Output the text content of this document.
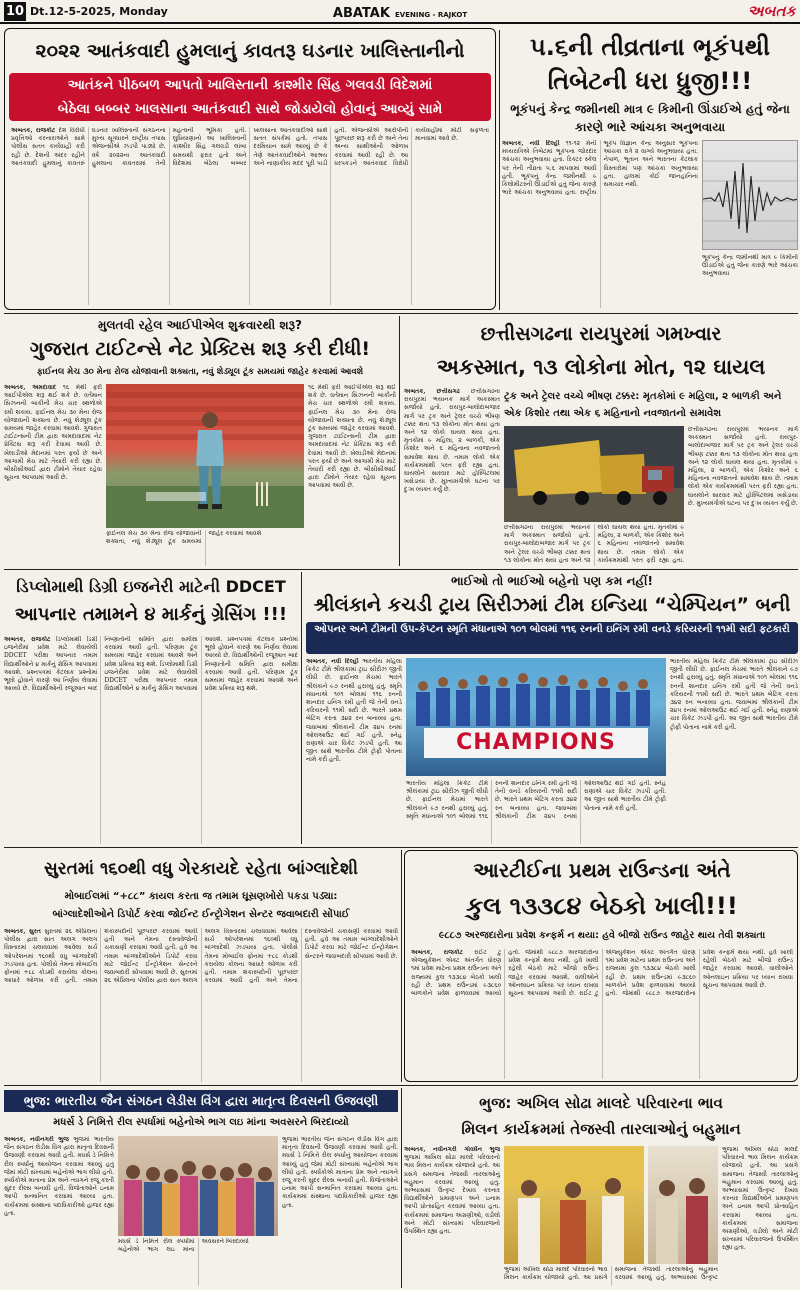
10 Dt.12-5-2025, Monday	ABATAK EVENING - RAJKOT	અબતક
૨૦૨૨ આતંકવાદી હુમલાનું કાવતરૂ ઘડનાર ખાલિસ્તાનીનો
આતંકને પીઠબળ આપતો ખાલિસ્તાની કાશ્મીર સિંહ ગલવડી વિદેશમાં
બેઠેલા બબ્બર ખાલસાના આતંકવાદી સાથે જોડાયેલો હોવાનું આવ્યું સામે
અબતક, રાજકોટ દેશ વિરોધી પ્રવૃત્તિઓ કરનારાઓને સામે પોલીસ સતત કાર્યવાહી કરી રહી છે. દેશની અંદર રહીને આતંકવાદી હુમલાનું કાવતરું ઘડનાર ખાલિસ્તાની સંગઠનના મુખ્ય સૂત્રધારને રાષ્ટ્રીય તપાસ એજન્સીએ ઝડપી પાડ્યો છે. વર્ષ ૨૦૨૨ના આતંકવાદી હુમલાના કાવતરામાં તેની મહત્વની ભૂમિકા હતી. લુધિયાણાનો આ ખાલિસ્તાની કાશ્મીર સિંહ ગલવડી લાંબા સમયથી ફરાર હતો અને વિદેશમાં બેઠેલા બબ્બર ખાલસાના આતંકવાદીઓ સાથે સતત સંપર્કમાં હતો. તપાસ દરમિયાન સામે આવ્યું છે કે તેણે આતંકવાદીઓને આશ્રય અને નાણાકીય મદદ પૂરી પાડી હતી. એજન્સીએ આરોપીની પૂછપરછ શરૂ કરી છે અને તેના અન્ય સાથીઓની ઓળખ કરવામાં આવી રહી છે. આ ધરપકડને આતંકવાદ વિરોધી કાર્યવાહીમાં મોટી સફળતા માનવામાં આવે છે.
૫.૬ની તીવ્રતાના ભૂકંપથી તિબેટની ધરા ધ્રુજી!!!
ભૂકંપનું કેન્દ્ર જમીનથી માત્ર ૯ કિમીની ઊંડાઈએ હતું જેના કારણે ભારે આંચકા અનુભવાયા
અબતક, નવી દિલ્હી ૧૧-૧૨ મેની મધ્યરાત્રિએ તિબેટમાં ભૂકંપના જોરદાર આંચકા અનુભવાયા હતા. રિક્ટર સ્કેલ પર તેની તીવ્રતા ૫.૬ માપવામાં આવી હતી. ભૂકંપનું કેન્દ્ર જમીનથી ૯ કિલોમીટરની ઊંડાઈએ હતું જેના કારણે ભારે આંચકા અનુભવાયા હતા. રાષ્ટ્રીય ભૂકંપ વિજ્ઞાન કેન્દ્ર અનુસાર ભૂકંપના આંચકા રાત્રે ૨ વાગ્યે અનુભવાયા હતા. નેપાળ, ભૂતાન અને ભારતના કેટલાક વિસ્તારોમાં પણ આંચકા અનુભવાયા હતા. હાલમાં કોઈ જાનહાનિના સમાચાર નથી.
ભૂકંપનું કેન્દ્ર જમીનથી માત્ર ૯ કિમીની ઊંડાઈએ હતું જેના કારણે ભારે આંચકા અનુભવાયા
મુલતવી રહેલ આઈપીએલ શુક્રવારથી શરૂ?
ગુજરાત ટાઈટન્સે નેટ પ્રેક્ટિસ શરૂ કરી દીધી!
ફાઈનલ મેચ ૩૦ મેના રોજ યોજાવાની શક્યતા, નવું શેડ્યૂલ ટૂંક સમયમાં જાહેર કરવામાં આવશે
અબતક, અમદાવાદ ૧૬ મેથી ફરી આઈપીએલ શરૂ થઈ શકે છે. વર્તમાન સિઝનની બાકીની મેચ ચાર સ્થળોએ રમી શકાય. ફાઈનલ મેચ ૩૦ મેના રોજ યોજાવાની શક્યતા છે. નવું શેડ્યૂલ ટૂંક સમયમાં જાહેર કરવામાં આવશે. ગુજરાત ટાઈટન્સની ટીમ દ્વારા અમદાવાદમાં નેટ પ્રેક્ટિસ શરૂ કરી દેવામાં આવી છે. ખેલાડીઓ મેદાનમાં પરત ફર્યા છે અને આગામી મેચ માટે તૈયારી કરી રહ્યા છે. બીસીસીઆઈ દ્વારા ટીમોને તૈયાર રહેવા સૂચના આપવામાં આવી છે.
૧૬ મેથી ફરી આઈપીએલ શરૂ થઈ શકે છે. વર્તમાન સિઝનની બાકીની મેચ ચાર સ્થળોએ રમી શકાય. ફાઈનલ મેચ ૩૦ મેના રોજ યોજાવાની શક્યતા છે. નવું શેડ્યૂલ ટૂંક સમયમાં જાહેર કરવામાં આવશે. ગુજરાત ટાઈટન્સની ટીમ દ્વારા અમદાવાદમાં નેટ પ્રેક્ટિસ શરૂ કરી દેવામાં આવી છે. ખેલાડીઓ મેદાનમાં પરત ફર્યા છે અને આગામી મેચ માટે તૈયારી કરી રહ્યા છે. બીસીસીઆઈ દ્વારા ટીમોને તૈયાર રહેવા સૂચના આપવામાં આવી છે.
ફાઈનલ મેચ ૩૦ મેના રોજ યોજાવાની શક્યતા, નવું શેડ્યૂલ ટૂંક સમયમાં જાહેર કરવામાં આવશે
છત્તીસગઢના રાયપુરમાં ગમખ્વાર
અકસ્માત, ૧૩ લોકોના મોત, ૧૨ ઘાયલ
અબતક, છત્તીસગઢ છત્તીસગઢના રાયપુરમાં ભયાનક માર્ગ અકસ્માત સર્જાયો હતો. રાયપુર-બાલોદાબજાર માર્ગ પર ટ્રક અને ટ્રેલર વચ્ચે ભીષણ ટક્કર થતા ૧૩ લોકોના મોત થયા હતા અને ૧૨ લોકો ઘાયલ થયા હતા. મૃતકોમાં ૯ મહિલા, ૨ બાળકી, એક કિશોર અને ૬ મહિનાના નવજાતનો સમાવેશ થાય છે. તમામ લોકો એક કાર્યક્રમમાંથી પરત ફરી રહ્યા હતા. ઘાયલોને સારવાર માટે હોસ્પિટલમાં ખસેડાયા છે. મુખ્યમંત્રીએ ઘટના પર દુઃખ વ્યક્ત કર્યું છે.
ટ્રક અને ટ્રેલર વચ્ચે ભીષણ ટક્કર: મૃતકોમાં ૯ મહિલા, ૨ બાળકી અને એક કિશોર તથા એક ૬ મહિનાનો નવજાતનો સમાવેશ
છત્તીસગઢના રાયપુરમાં ભયાનક માર્ગ અકસ્માત સર્જાયો હતો. રાયપુર-બાલોદાબજાર માર્ગ પર ટ્રક અને ટ્રેલર વચ્ચે ભીષણ ટક્કર થતા ૧૩ લોકોના મોત થયા હતા અને ૧૨ લોકો ઘાયલ થયા હતા. મૃતકોમાં ૯ મહિલા, ૨ બાળકી, એક કિશોર અને ૬ મહિનાના નવજાતનો સમાવેશ થાય છે. તમામ લોકો એક કાર્યક્રમમાંથી પરત ફરી રહ્યા હતા. ઘાયલોને સારવાર માટે હોસ્પિટલમાં ખસેડાયા છે. મુખ્યમંત્રીએ ઘટના પર દુઃખ વ્યક્ત કર્યું છે.
છત્તીસગઢના રાયપુરમાં ભયાનક માર્ગ અકસ્માત સર્જાયો હતો. રાયપુર-બાલોદાબજાર માર્ગ પર ટ્રક અને ટ્રેલર વચ્ચે ભીષણ ટક્કર થતા ૧૩ લોકોના મોત થયા હતા અને ૧૨ લોકો ઘાયલ થયા હતા. મૃતકોમાં ૯ મહિલા, ૨ બાળકી, એક કિશોર અને ૬ મહિનાના નવજાતનો સમાવેશ થાય છે. તમામ લોકો એક કાર્યક્રમમાંથી પરત ફરી રહ્યા હતા.
ડિપ્લોમાથી ડિગ્રી ઇજનેરી માટેની DDCET
આપનાર તમામને ૪ માર્કનું ગ્રેસિંગ !!!
અબતક, રાજકોટ ડિપ્લોમાથી ડિગ્રી ઇજનેરીમાં પ્રવેશ માટે લેવાયેલી DDCET પરીક્ષા આપનાર તમામ વિદ્યાર્થીઓને ૪ માર્કનું ગ્રેસિંગ આપવામાં આવશે. પ્રશ્નપત્રમાં કેટલાક પ્રશ્નોમાં ભૂલો હોવાને કારણે આ નિર્ણય લેવામાં આવ્યો છે. વિદ્યાર્થીઓની રજૂઆત બાદ નિષ્ણાતોની સમિતિ દ્વારા સમીક્ષા કરવામાં આવી હતી. પરિણામ ટૂંક સમયમાં જાહેર કરવામાં આવશે અને પ્રવેશ પ્રક્રિયા શરૂ થશે. ડિપ્લોમાથી ડિગ્રી ઇજનેરીમાં પ્રવેશ માટે લેવાયેલી DDCET પરીક્ષા આપનાર તમામ વિદ્યાર્થીઓને ૪ માર્કનું ગ્રેસિંગ આપવામાં આવશે. પ્રશ્નપત્રમાં કેટલાક પ્રશ્નોમાં ભૂલો હોવાને કારણે આ નિર્ણય લેવામાં આવ્યો છે. વિદ્યાર્થીઓની રજૂઆત બાદ નિષ્ણાતોની સમિતિ દ્વારા સમીક્ષા કરવામાં આવી હતી. પરિણામ ટૂંક સમયમાં જાહેર કરવામાં આવશે અને પ્રવેશ પ્રક્રિયા શરૂ થશે.
ભાઈઓ તો ભાઈઓ બહેનો પણ કમ નહીં!
શ્રીલંકાને કચડી ટ્રાય સિરીઝમાં ટીમ ઇન્ડિયા “ચેમ્પિયન” બની
ઓપનર અને ટીમની ઉપ-કેપ્ટન સ્મૃતિ મંધાનાએ ૧૦૧ બોલમાં ૧૧૬ રનની ઇનિંગ રમી વનડે કરિયરની ૧૧મી સદી ફટકારી
અબતક, નવી દિલ્હી ભારતીય મહિલા ક્રિકેટ ટીમે શ્રીલંકામાં ટ્રાઇ સીરીઝ જીતી લીધી છે. ફાઈનલ મેચમાં ભારતે શ્રીલંકાને ૯૭ રનથી હરાવ્યું હતું. સ્મૃતિ મંધાનાએ ૧૦૧ બોલમાં ૧૧૬ રનની શાનદાર ઇનિંગ રમી હતી જે તેની વનડે કરિયરની ૧૧મી સદી છે. ભારતે પ્રથમ બેટિંગ કરતા ૩૪૨ રન બનાવ્યા હતા. જવાબમાં શ્રીલંકાની ટીમ ૨૪૫ રનમાં ઓલઆઉટ થઈ ગઈ હતી. સ્નેહ રાણાએ ચાર વિકેટ ઝડપી હતી. આ જીત સાથે ભારતીય ટીમે ટ્રોફી પોતાના નામે કરી હતી.
CHAMPIONS
ભારતીય મહિલા ક્રિકેટ ટીમે શ્રીલંકામાં ટ્રાઇ સીરીઝ જીતી લીધી છે. ફાઈનલ મેચમાં ભારતે શ્રીલંકાને ૯૭ રનથી હરાવ્યું હતું. સ્મૃતિ મંધાનાએ ૧૦૧ બોલમાં ૧૧૬ રનની શાનદાર ઇનિંગ રમી હતી જે તેની વનડે કરિયરની ૧૧મી સદી છે. ભારતે પ્રથમ બેટિંગ કરતા ૩૪૨ રન બનાવ્યા હતા. જવાબમાં શ્રીલંકાની ટીમ ૨૪૫ રનમાં ઓલઆઉટ થઈ ગઈ હતી. સ્નેહ રાણાએ ચાર વિકેટ ઝડપી હતી. આ જીત સાથે ભારતીય ટીમે ટ્રોફી પોતાના નામે કરી હતી.
ભારતીય મહિલા ક્રિકેટ ટીમે શ્રીલંકામાં ટ્રાઇ સીરીઝ જીતી લીધી છે. ફાઈનલ મેચમાં ભારતે શ્રીલંકાને ૯૭ રનથી હરાવ્યું હતું. સ્મૃતિ મંધાનાએ ૧૦૧ બોલમાં ૧૧૬ રનની શાનદાર ઇનિંગ રમી હતી જે તેની વનડે કરિયરની ૧૧મી સદી છે. ભારતે પ્રથમ બેટિંગ કરતા ૩૪૨ રન બનાવ્યા હતા. જવાબમાં શ્રીલંકાની ટીમ ૨૪૫ રનમાં ઓલઆઉટ થઈ ગઈ હતી. સ્નેહ રાણાએ ચાર વિકેટ ઝડપી હતી. આ જીત સાથે ભારતીય ટીમે ટ્રોફી પોતાના નામે કરી હતી.
સુરતમાં ૧૬૦થી વધુ ગેરકાયદે રહેતા બાંગ્લાદેશી
મોબાઈલમાં “+૮૮” કાયલ કરતા જ તમામ ઘૂસણખોરો પકડા પડ્યા:
બાંગ્લાદેશીઓને ડિપોર્ટ કરવા જોઈન્ટ ઈન્ટ્રોગેશન સેન્ટર જવાબદારી સોંપાઈ
અબતક, સુરત સુરતમાં ૨૬ એપ્રિલના પોલીસ દ્વારા સાત અલગ અલગ વિસ્તારમાં ચલાવવામાં આવેલા સર્ચ ઓપરેશનમાં ૧૬૦થી વધુ બાંગ્લાદેશી ઝડપાયા હતા. પોલીસે તેમના મોબાઈલ ફોનમાં +૮૮ કોડથી કરાયેલા કોલના આધારે ઓળખ કરી હતી. તમામ શંકાસ્પદોની પૂછપરછ કરવામાં આવી હતી અને તેમના દસ્તાવેજોની ચકાસણી કરવામાં આવી હતી. હવે આ તમામ બાંગ્લાદેશીઓને ડિપોર્ટ કરવા માટે જોઈન્ટ ઈન્ટ્રોગેશન સેન્ટરને જવાબદારી સોંપવામાં આવી છે. સુરતમાં ૨૬ એપ્રિલના પોલીસ દ્વારા સાત અલગ અલગ વિસ્તારમાં ચલાવવામાં આવેલા સર્ચ ઓપરેશનમાં ૧૬૦થી વધુ બાંગ્લાદેશી ઝડપાયા હતા. પોલીસે તેમના મોબાઈલ ફોનમાં +૮૮ કોડથી કરાયેલા કોલના આધારે ઓળખ કરી હતી. તમામ શંકાસ્પદોની પૂછપરછ કરવામાં આવી હતી અને તેમના દસ્તાવેજોની ચકાસણી કરવામાં આવી હતી. હવે આ તમામ બાંગ્લાદેશીઓને ડિપોર્ટ કરવા માટે જોઈન્ટ ઈન્ટ્રોગેશન સેન્ટરને જવાબદારી સોંપવામાં આવી છે.
આરટીઈના પ્રથમ રાઉન્ડના અંતે
કુલ ૧૩૩૮૪ બેઠકો ખાલી!!!
૯૮૮૭ અરજદારોના પ્રવેશ કન્ફર્મ ન થયા: હવે બીજો રાઉન્ડ જાહેર થાય તેવી શક્યતા
અબતક, રાજકોટ રાઈટ ટુ એજ્યુકેશન એક્ટ અંતર્ગત ધોરણ ૧માં પ્રવેશ માટેના પ્રથમ રાઉન્ડના અંતે રાજ્યમાં કુલ ૧૩૩૮૪ બેઠકો ખાલી રહી છે. પ્રથમ રાઉન્ડમાં ૯૩૮૬૦ બાળકોને પ્રવેશ ફાળવવામાં આવ્યો હતો. જેમાંથી ૯૮૮૭ અરજદારોના પ્રવેશ કન્ફર્મ થયા નથી. હવે ખાલી રહેલી બેઠકો માટે બીજો રાઉન્ડ જાહેર કરવામાં આવશે. વાલીઓને ઓનલાઇન પ્રક્રિયા પર ધ્યાન રાખવા સૂચના આપવામાં આવી છે. રાઈટ ટુ એજ્યુકેશન એક્ટ અંતર્ગત ધોરણ ૧માં પ્રવેશ માટેના પ્રથમ રાઉન્ડના અંતે રાજ્યમાં કુલ ૧૩૩૮૪ બેઠકો ખાલી રહી છે. પ્રથમ રાઉન્ડમાં ૯૩૮૬૦ બાળકોને પ્રવેશ ફાળવવામાં આવ્યો હતો. જેમાંથી ૯૮૮૭ અરજદારોના પ્રવેશ કન્ફર્મ થયા નથી. હવે ખાલી રહેલી બેઠકો માટે બીજો રાઉન્ડ જાહેર કરવામાં આવશે. વાલીઓને ઓનલાઇન પ્રક્રિયા પર ધ્યાન રાખવા સૂચના આપવામાં આવી છે.
ભુજ: ભારતીય જૈન સંગઠન લેડીસ વિંગ દ્વારા માતૃત્વ દિવસની ઉજવણી
મધર્સ ડે નિમિત્તે રીલ સ્પર્ધામાં બહેનોએ ભાગ લઇ માંના અવસરને બિરદાવ્યો
અબતક, નવીનગરી ભુજ ભુજમાં ભારતીય જૈન સંગઠન લેડીસ વિંગ દ્વારા માતૃત્વ દિવસની ઉજવણી કરવામાં આવી હતી. મધર્સ ડે નિમિત્તે રીલ સ્પર્ધાનું આયોજન કરવામાં આવ્યું હતું જેમાં મોટી સંખ્યામાં બહેનોએ ભાગ લીધો હતો. સ્પર્ધકોએ માતાના પ્રેમ અને ત્યાગને રજૂ કરતી સુંદર રીલ્સ બનાવી હતી. વિજેતાઓને ઇનામ આપી સન્માનિત કરવામાં આવ્યા હતા. કાર્યક્રમમાં સંસ્થાના પદાધિકારીઓ હાજર રહ્યા હતા.
ભુજમાં ભારતીય જૈન સંગઠન લેડીસ વિંગ દ્વારા માતૃત્વ દિવસની ઉજવણી કરવામાં આવી હતી. મધર્સ ડે નિમિત્તે રીલ સ્પર્ધાનું આયોજન કરવામાં આવ્યું હતું જેમાં મોટી સંખ્યામાં બહેનોએ ભાગ લીધો હતો. સ્પર્ધકોએ માતાના પ્રેમ અને ત્યાગને રજૂ કરતી સુંદર રીલ્સ બનાવી હતી. વિજેતાઓને ઇનામ આપી સન્માનિત કરવામાં આવ્યા હતા. કાર્યક્રમમાં સંસ્થાના પદાધિકારીઓ હાજર રહ્યા હતા.
મધર્સ ડે નિમિત્તે રીલ સ્પર્ધામાં બહેનોએ ભાગ લઇ માંના અવસરને બિરદાવ્યો
ભુજ: અખિલ સોઢા માલદે પરિવારના ભાવ
મિલન કાર્યક્રમમાં તેજસ્વી તારલાઓનું બહુમાન
અબતક, નવીનગરી ગોવર્ધન ભુજ ભુજમાં અખિલ સોઢા માલદે પરિવારનો ભાવ મિલન કાર્યક્રમ યોજાયો હતો. આ પ્રસંગે સમાજના તેજસ્વી તારલાઓનું બહુમાન કરવામાં આવ્યું હતું. અભ્યાસમાં ઉત્કૃષ્ટ દેખાવ કરનાર વિદ્યાર્થીઓને પ્રમાણપત્ર અને ઇનામ આપી પ્રોત્સાહિત કરવામાં આવ્યા હતા. કાર્યક્રમમાં સમાજના અગ્રણીઓ, વડીલો અને મોટી સંખ્યામાં પરિવારજનો ઉપસ્થિત રહ્યા હતા.
ભુજમાં અખિલ સોઢા માલદે પરિવારનો ભાવ મિલન કાર્યક્રમ યોજાયો હતો. આ પ્રસંગે સમાજના તેજસ્વી તારલાઓનું બહુમાન કરવામાં આવ્યું હતું. અભ્યાસમાં ઉત્કૃષ્ટ દેખાવ કરનાર વિદ્યાર્થીઓને પ્રમાણપત્ર અને ઇનામ આપી પ્રોત્સાહિત કરવામાં આવ્યા હતા. કાર્યક્રમમાં સમાજના અગ્રણીઓ, વડીલો અને મોટી સંખ્યામાં પરિવારજનો ઉપસ્થિત રહ્યા હતા.
ભુજમાં અખિલ સોઢા માલદે પરિવારનો ભાવ મિલન કાર્યક્રમ યોજાયો હતો. આ પ્રસંગે સમાજના તેજસ્વી તારલાઓનું બહુમાન કરવામાં આવ્યું હતું. અભ્યાસમાં ઉત્કૃષ્ટ
